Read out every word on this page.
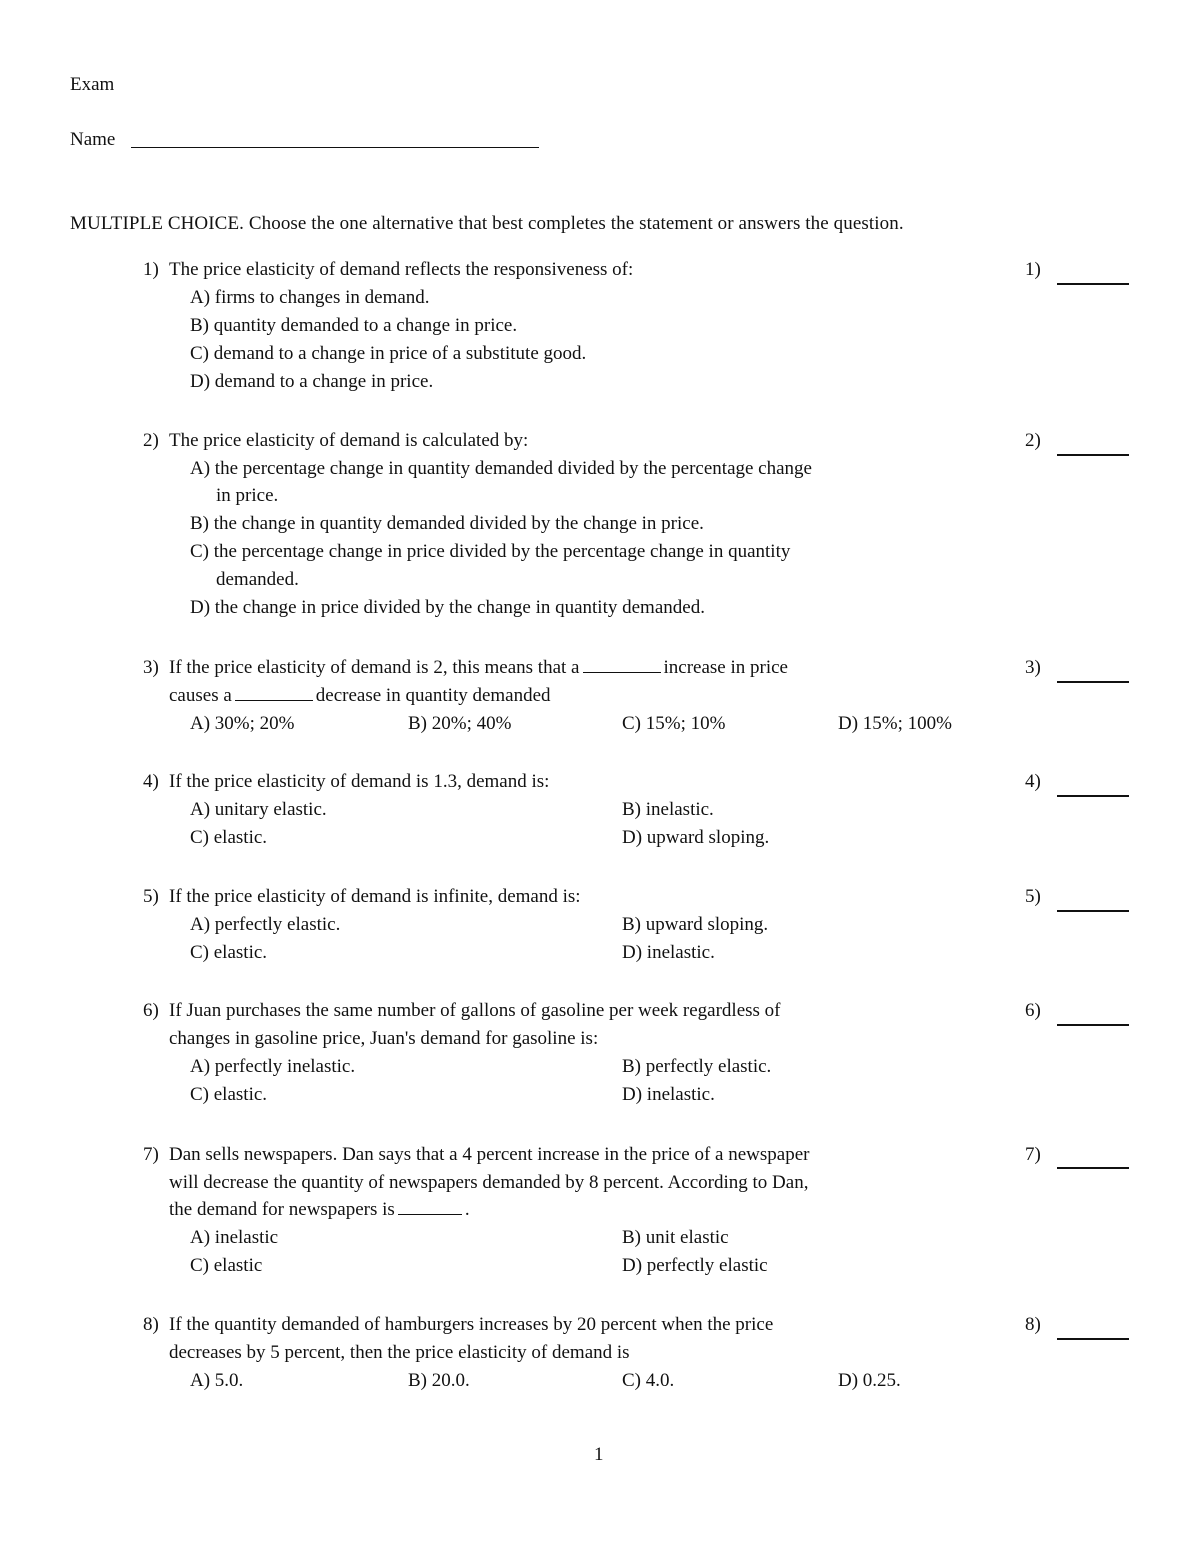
Exam
Name
MULTIPLE CHOICE. Choose the one alternative that best completes the statement or answers the question.
1) The price elasticity of demand reflects the responsiveness of:
A) firms to changes in demand.
B) quantity demanded to a change in price.
C) demand to a change in price of a substitute good.
D) demand to a change in price.
1)
2) The price elasticity of demand is calculated by:
A) the percentage change in quantity demanded divided by the percentage change
in price.
B) the change in quantity demanded divided by the change in price.
C) the percentage change in price divided by the percentage change in quantity
demanded.
D) the change in price divided by the change in quantity demanded.
2)
3) If the price elasticity of demand is 2, this means that a	increase in price
causes a	decrease in quantity demanded
A) 30%; 20%	B) 20%; 40%	C) 15%; 10%	D) 15%; 100%
3)
4) If the price elasticity of demand is 1.3, demand is:
A) unitary elastic.	B) inelastic.
C) elastic.	D) upward sloping.
4)
5) If the price elasticity of demand is infinite, demand is:
A) perfectly elastic.	B) upward sloping.
C) elastic.	D) inelastic.
5)
6) If Juan purchases the same number of gallons of gasoline per week regardless of
changes in gasoline price, Juan's demand for gasoline is:
A) perfectly inelastic.	B) perfectly elastic.
C) elastic.	D) inelastic.
6)
7) Dan sells newspapers. Dan says that a 4 percent increase in the price of a newspaper
will decrease the quantity of newspapers demanded by 8 percent. According to Dan,
the demand for newspapers is	.
A) inelastic	B) unit elastic
C) elastic	D) perfectly elastic
7)
8) If the quantity demanded of hamburgers increases by 20 percent when the price
decreases by 5 percent, then the price elasticity of demand is
A) 5.0.	B) 20.0.	C) 4.0.	D) 0.25.
8)
1
